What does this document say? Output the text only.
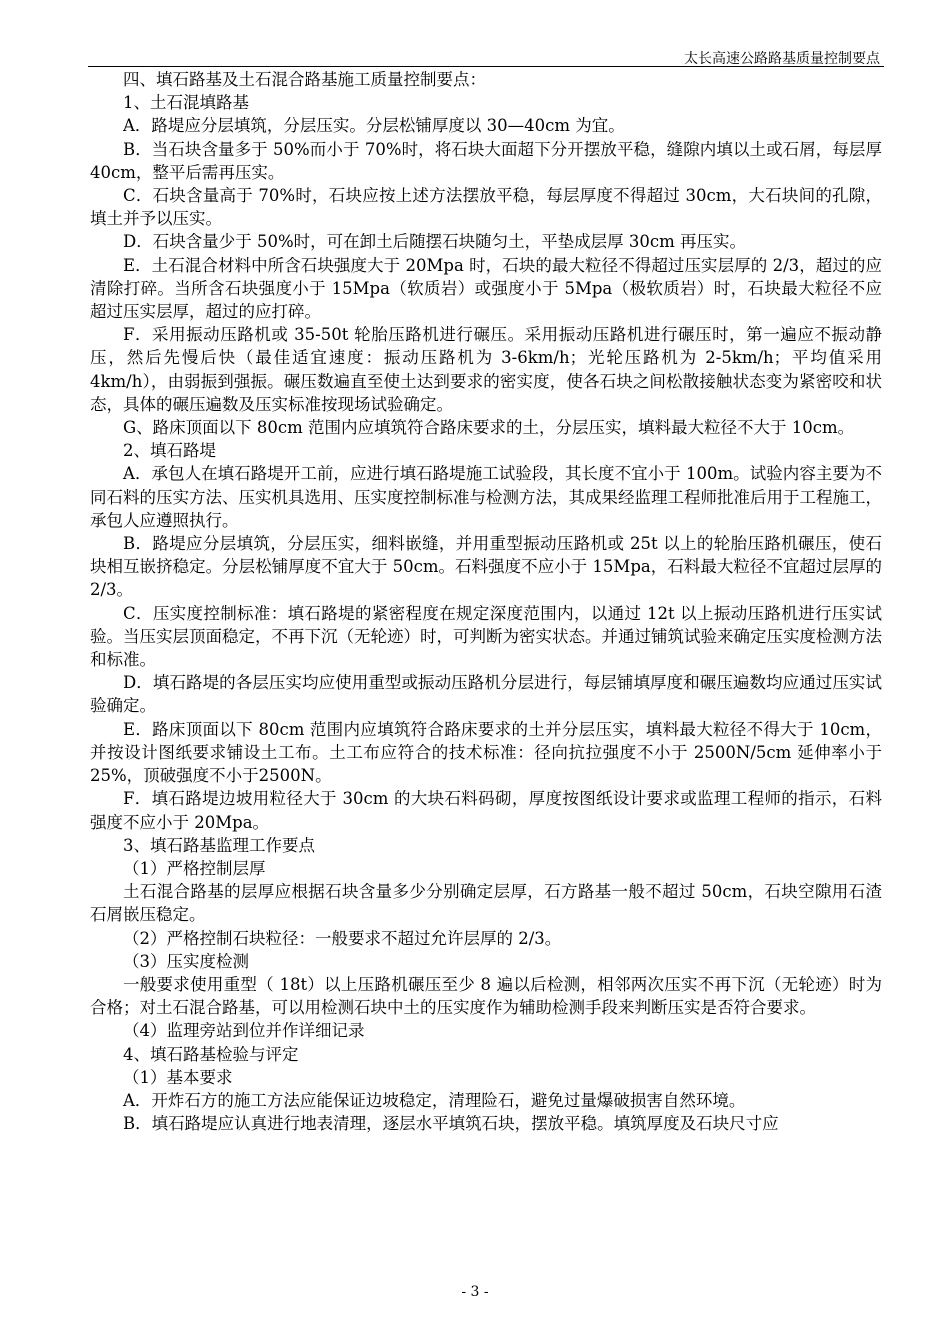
太长高速公路路基质量控制要点

四、填石路基及土石混合路基施工质量控制要点：

1、土石混填路基

A．路堤应分层填筑，分层压实。分层松铺厚度以 30—40cm 为宜。

B．当石块含量多于 50%而小于 70%时，将石块大面超下分开摆放平稳，缝隙内填以土或石屑，每层厚 40cm，整平后需再压实。

C．石块含量高于 70%时，石块应按上述方法摆放平稳，每层厚度不得超过 30cm，大石块间的孔隙，填土并予以压实。

D．石块含量少于 50%时，可在卸土后随摆石块随匀土，平垫成层厚 30cm 再压实。

E．土石混合材料中所含石块强度大于 20Mpa 时，石块的最大粒径不得超过压实层厚的 2/3，超过的应清除打碎。当所含石块强度小于 15Mpa（软质岩）或强度小于 5Mpa（极软质岩）时，石块最大粒径不应超过压实层厚，超过的应打碎。

F．采用振动压路机或 35-50t 轮胎压路机进行碾压。采用振动压路机进行碾压时，第一遍应不振动静压，然后先慢后快（最佳适宜速度：振动压路机为 3-6km/h；光轮压路机为 2-5km/h；平均值采用 4km/h），由弱振到强振。碾压数遍直至使土达到要求的密实度，使各石块之间松散接触状态变为紧密咬和状态，具体的碾压遍数及压实标准按现场试验确定。

G、路床顶面以下 80cm 范围内应填筑符合路床要求的土，分层压实，填料最大粒径不大于 10cm。

2、填石路堤

A．承包人在填石路堤开工前，应进行填石路堤施工试验段，其长度不宜小于 100m。试验内容主要为不同石料的压实方法、压实机具选用、压实度控制标准与检测方法，其成果经监理工程师批准后用于工程施工，承包人应遵照执行。

B．路堤应分层填筑，分层压实，细料嵌缝，并用重型振动压路机或 25t 以上的轮胎压路机碾压，使石块相互嵌挤稳定。分层松铺厚度不宜大于 50cm。石料强度不应小于 15Mpa，石料最大粒径不宜超过层厚的 2/3。

C．压实度控制标准：填石路堤的紧密程度在规定深度范围内，以通过 12t 以上振动压路机进行压实试验。当压实层顶面稳定，不再下沉（无轮迹）时，可判断为密实状态。并通过铺筑试验来确定压实度检测方法和标准。

D．填石路堤的各层压实均应使用重型或振动压路机分层进行，每层铺填厚度和碾压遍数均应通过压实试验确定。

E．路床顶面以下 80cm 范围内应填筑符合路床要求的土并分层压实，填料最大粒径不得大于 10cm，并按设计图纸要求铺设土工布。土工布应符合的技术标准：径向抗拉强度不小于 2500N/5cm 延伸率小于25%，顶破强度不小于2500N。

F．填石路堤边坡用粒径大于 30cm 的大块石料码砌，厚度按图纸设计要求或监理工程师的指示，石料强度不应小于 20Mpa。

3、填石路基监理工作要点

（1）严格控制层厚

土石混合路基的层厚应根据石块含量多少分别确定层厚，石方路基一般不超过 50cm，石块空隙用石渣石屑嵌压稳定。

（2）严格控制石块粒径：一般要求不超过允许层厚的 2/3。

（3）压实度检测

一般要求使用重型（ 18t）以上压路机碾压至少 8 遍以后检测，相邻两次压实不再下沉（无轮迹）时为合格；对土石混合路基，可以用检测石块中土的压实度作为辅助检测手段来判断压实是否符合要求。

（4）监理旁站到位并作详细记录

4、填石路基检验与评定

（1）基本要求

A．开炸石方的施工方法应能保证边坡稳定，清理险石，避免过量爆破损害自然环境。

B．填石路堤应认真进行地表清理，逐层水平填筑石块，摆放平稳。填筑厚度及石块尺寸应

- 3 -
